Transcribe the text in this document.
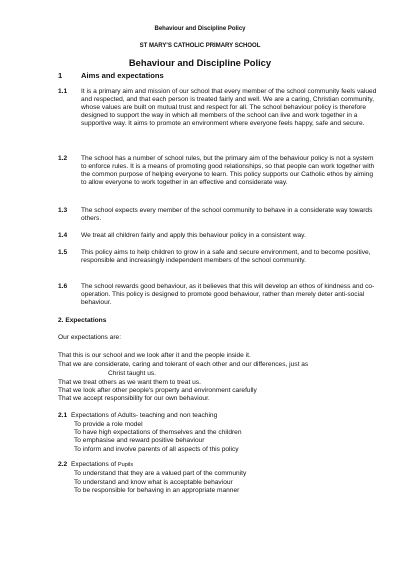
Behaviour and Discipline Policy
ST MARY'S CATHOLIC PRIMARY SCHOOL
Behaviour and Discipline Policy
1 Aims and expectations
1.1 It is a primary aim and mission of our school that every member of the school community feels valued and respected, and that each person is treated fairly and well. We are a caring, Christian community, whose values are built on mutual trust and respect for all. The school behaviour policy is therefore designed to support the way in which all members of the school can live and work together in a supportive way. It aims to promote an environment where everyone feels happy, safe and secure.
1.2 The school has a number of school rules, but the primary aim of the behaviour policy is not a system to enforce rules. It is a means of promoting good relationships, so that people can work together with the common purpose of helping everyone to learn. This policy supports our Catholic ethos by aiming to allow everyone to work together in an effective and considerate way.
1.3 The school expects every member of the school community to behave in a considerate way towards others.
1.4 We treat all children fairly and apply this behaviour policy in a consistent way.
1.5 This policy aims to help children to grow in a safe and secure environment, and to become positive, responsible and increasingly independent members of the school community.
1.6 The school rewards good behaviour, as it believes that this will develop an ethos of kindness and co-operation. This policy is designed to promote good behaviour, rather than merely deter anti-social behaviour.
2. Expectations
Our expectations are:
That this is our school and we look after it and the people inside it.
That we are considerate, caring and tolerant of each other and our differences, just as
Christ taught us.
That we treat others as we want them to treat us.
That we look after other people's property and environment carefully
That we accept responsibility for our own behaviour.
2.1 Expectations of Adults- teaching and non teaching
To provide a role model
To have high expectations of themselves and the children
To emphasise and reward positive behaviour
To inform and involve parents of all aspects of this policy
2.2 Expectations of Pupils
To understand that they are a valued part of the community
To understand and know what is acceptable behaviour
To be responsible for behaving in an appropriate manner
